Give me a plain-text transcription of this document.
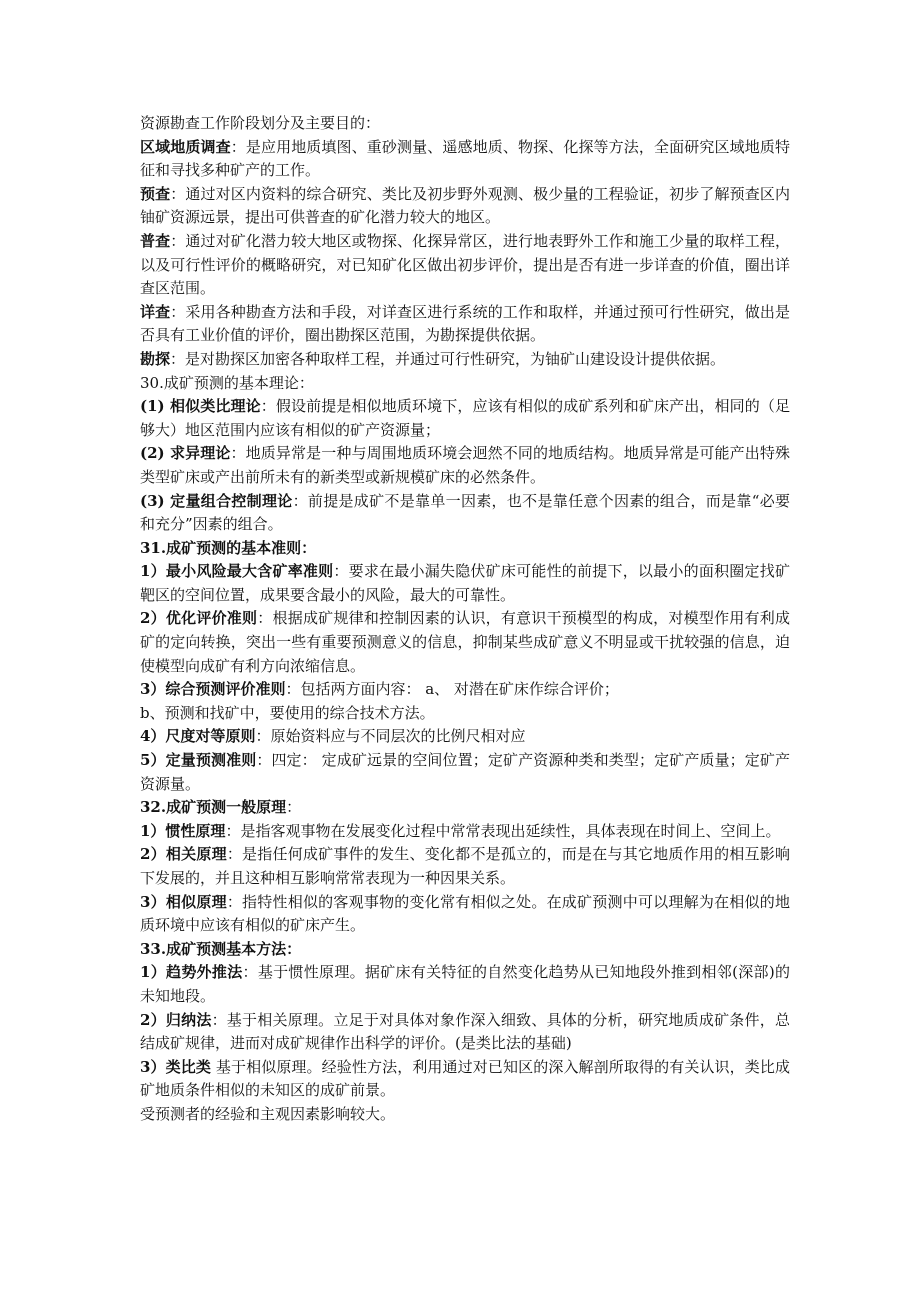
资源勘查工作阶段划分及主要目的：

区域地质调查：是应用地质填图、重砂测量、遥感地质、物探、化探等方法，全面研究区域地质特征和寻找多种矿产的工作。

预查：通过对区内资料的综合研究、类比及初步野外观测、极少量的工程验证，初步了解预查区内铀矿资源远景，提出可供普查的矿化潜力较大的地区。

普查：通过对矿化潜力较大地区或物探、化探异常区，进行地表野外工作和施工少量的取样工程，以及可行性评价的概略研究，对已知矿化区做出初步评价，提出是否有进一步详查的价值，圈出详查区范围。

详查：采用各种勘查方法和手段，对详查区进行系统的工作和取样，并通过预可行性研究，做出是否具有工业价值的评价，圈出勘探区范围，为勘探提供依据。

勘探：是对勘探区加密各种取样工程，并通过可行性研究，为铀矿山建设设计提供依据。

30.成矿预测的基本理论：

(1) 相似类比理论：假设前提是相似地质环境下，应该有相似的成矿系列和矿床产出，相同的（足够大）地区范围内应该有相似的矿产资源量；

(2) 求异理论：地质异常是一种与周围地质环境会迥然不同的地质结构。地质异常是可能产出特殊类型矿床或产出前所未有的新类型或新规模矿床的必然条件。

(3) 定量组合控制理论：前提是成矿不是靠单一因素，也不是靠任意个因素的组合，而是靠“必要和充分”因素的组合。

31.成矿预测的基本准则：

1）最小风险最大含矿率准则：要求在最小漏失隐伏矿床可能性的前提下，以最小的面积圈定找矿靶区的空间位置，成果要含最小的风险，最大的可靠性。

2）优化评价准则：根据成矿规律和控制因素的认识，有意识干预模型的构成，对模型作用有利成矿的定向转换，突出一些有重要预测意义的信息，抑制某些成矿意义不明显或干扰较强的信息，迫使模型向成矿有利方向浓缩信息。

3）综合预测评价准则：包括两方面内容： a、 对潜在矿床作综合评价；

b、预测和找矿中，要使用的综合技术方法。

4）尺度对等原则：原始资料应与不同层次的比例尺相对应

5）定量预测准则：四定： 定成矿远景的空间位置；定矿产资源种类和类型；定矿产质量；定矿产资源量。

32.成矿预测一般原理：

1）惯性原理：是指客观事物在发展变化过程中常常表现出延续性，具体表现在时间上、空间上。

2）相关原理：是指任何成矿事件的发生、变化都不是孤立的，而是在与其它地质作用的相互影响下发展的，并且这种相互影响常常表现为一种因果关系。

3）相似原理：指特性相似的客观事物的变化常有相似之处。在成矿预测中可以理解为在相似的地质环境中应该有相似的矿床产生。

33.成矿预测基本方法：

1）趋势外推法：基于惯性原理。据矿床有关特征的自然变化趋势从已知地段外推到相邻(深部)的未知地段。

2）归纳法：基于相关原理。立足于对具体对象作深入细致、具体的分析，研究地质成矿条件，总结成矿规律，进而对成矿规律作出科学的评价。(是类比法的基础)

3）类比类 基于相似原理。经验性方法，利用通过对已知区的深入解剖所取得的有关认识，类比成矿地质条件相似的未知区的成矿前景。

受预测者的经验和主观因素影响较大。
